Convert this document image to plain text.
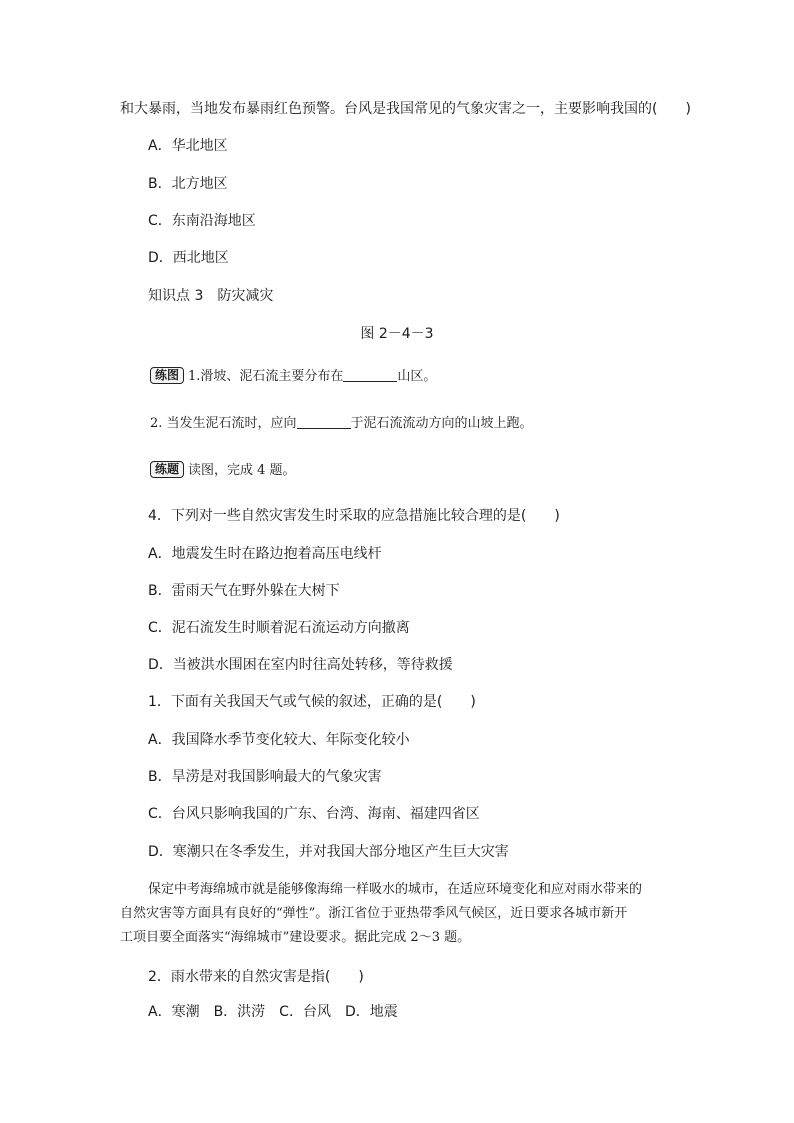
和大暴雨，当地发布暴雨红色预警。台风是我国常见的气象灾害之一，主要影响我国的(　　)
A．华北地区
B．北方地区
C．东南沿海地区
D．西北地区
知识点 3　防灾减灾
图 2－4－3
练图 1.滑坡、泥石流主要分布在	山区。
2. 当发生泥石流时，应向	于泥石流流动方向的山坡上跑。
练题 读图，完成 4 题。
4．下列对一些自然灾害发生时采取的应急措施比较合理的是(　　)
A．地震发生时在路边抱着高压电线杆
B．雷雨天气在野外躲在大树下
C．泥石流发生时顺着泥石流运动方向撤离
D．当被洪水围困在室内时往高处转移，等待救援
1．下面有关我国天气或气候的叙述，正确的是(　　)
A．我国降水季节变化较大、年际变化较小
B．旱涝是对我国影响最大的气象灾害
C．台风只影响我国的广东、台湾、海南、福建四省区
D．寒潮只在冬季发生，并对我国大部分地区产生巨大灾害
保定中考海绵城市就是能够像海绵一样吸水的城市，在适应环境变化和应对雨水带来的
自然灾害等方面具有良好的“弹性”。浙江省位于亚热带季风气候区，近日要求各城市新开
工项目要全面落实“海绵城市”建设要求。据此完成 2～3 题。
2．雨水带来的自然灾害是指(　　)
A．寒潮　B．洪涝　C．台风　D．地震
